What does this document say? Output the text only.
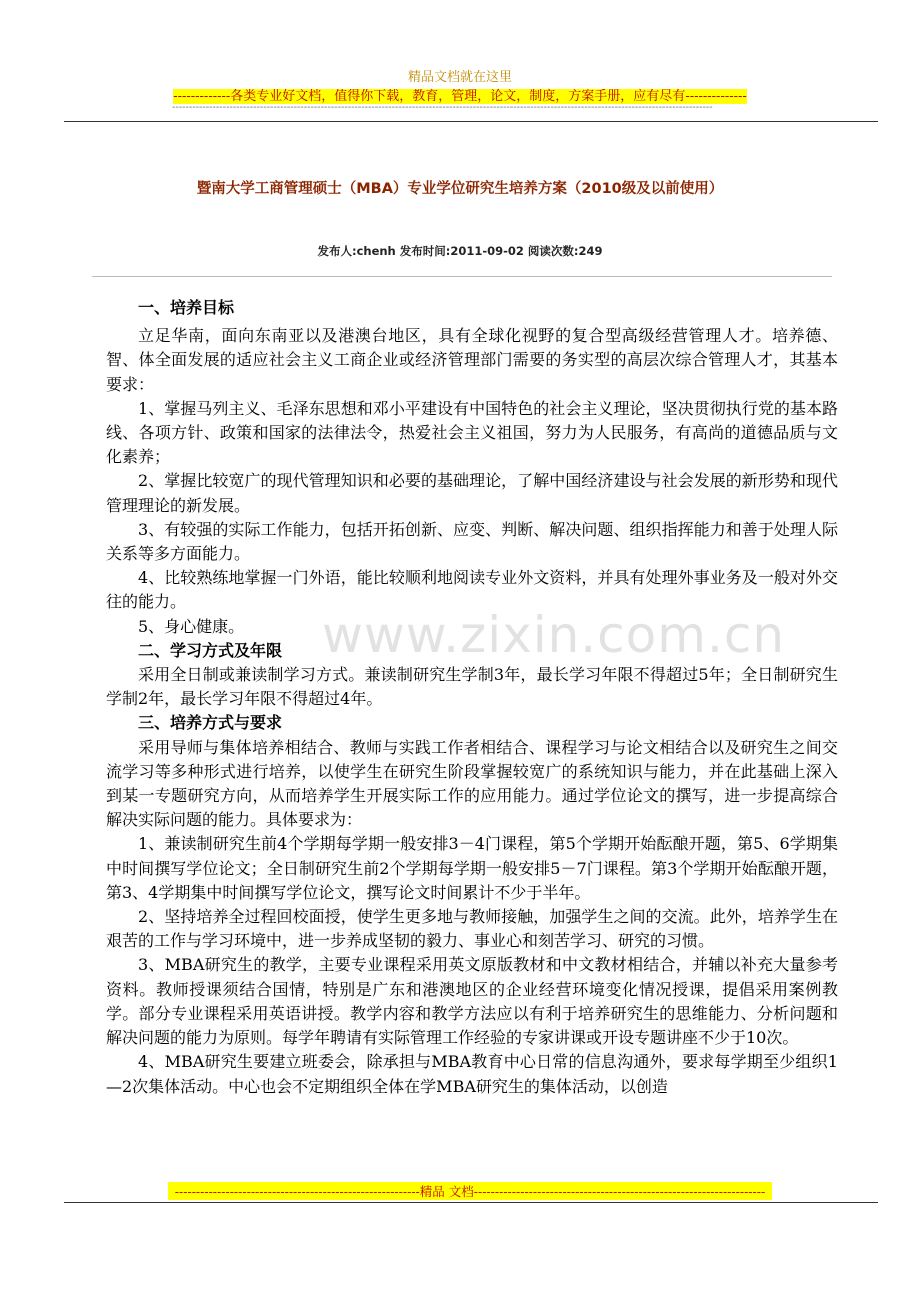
精品文档就在这里
-------------各类专业好文档，值得你下载，教育，管理，论文，制度，方案手册，应有尽有--------------
----------------------------------------------------------------------------------------------------------------------------------------------------------------
暨南大学工商管理硕士（MBA）专业学位研究生培养方案（2010级及以前使用）
发布人:chenh 发布时间:2011-09-02 阅读次数:249
www.zixin.com.cn
一、培养目标

立足华南，面向东南亚以及港澳台地区，具有全球化视野的复合型高级经营管理人才。培养德、智、体全面发展的适应社会主义工商企业或经济管理部门需要的务实型的高层次综合管理人才，其基本要求：

1、掌握马列主义、毛泽东思想和邓小平建设有中国特色的社会主义理论，坚决贯彻执行党的基本路线、各项方针、政策和国家的法律法令，热爱社会主义祖国，努力为人民服务，有高尚的道德品质与文化素养；

2、掌握比较宽广的现代管理知识和必要的基础理论，了解中国经济建设与社会发展的新形势和现代管理理论的新发展。

3、有较强的实际工作能力，包括开拓创新、应变、判断、解决问题、组织指挥能力和善于处理人际关系等多方面能力。

4、比较熟练地掌握一门外语，能比较顺利地阅读专业外文资料，并具有处理外事业务及一般对外交往的能力。

5、身心健康。

二、学习方式及年限

采用全日制或兼读制学习方式。兼读制研究生学制3年，最长学习年限不得超过5年；全日制研究生学制2年，最长学习年限不得超过4年。

三、培养方式与要求

采用导师与集体培养相结合、教师与实践工作者相结合、课程学习与论文相结合以及研究生之间交流学习等多种形式进行培养，以使学生在研究生阶段掌握较宽广的系统知识与能力，并在此基础上深入到某一专题研究方向，从而培养学生开展实际工作的应用能力。通过学位论文的撰写，进一步提高综合解决实际问题的能力。具体要求为：

1、兼读制研究生前4个学期每学期一般安排3－4门课程，第5个学期开始酝酿开题，第5、6学期集中时间撰写学位论文；全日制研究生前2个学期每学期一般安排5－7门课程。第3个学期开始酝酿开题，第3、4学期集中时间撰写学位论文，撰写论文时间累计不少于半年。

2、坚持培养全过程回校面授，使学生更多地与教师接触，加强学生之间的交流。此外，培养学生在艰苦的工作与学习环境中，进一步养成坚韧的毅力、事业心和刻苦学习、研究的习惯。

3、MBA研究生的教学，主要专业课程采用英文原版教材和中文教材相结合，并辅以补充大量参考资料。教师授课须结合国情，特别是广东和港澳地区的企业经营环境变化情况授课，提倡采用案例教学。部分专业课程采用英语讲授。教学内容和教学方法应以有利于培养研究生的思维能力、分析问题和解决问题的能力为原则。每学年聘请有实际管理工作经验的专家讲课或开设专题讲座不少于10次。

4、MBA研究生要建立班委会，除承担与MBA教育中心日常的信息沟通外，要求每学期至少组织1—2次集体活动。中心也会不定期组织全体在学MBA研究生的集体活动，以创造

----------------------------------------------------------精品 文档---------------------------------------------------------------------
